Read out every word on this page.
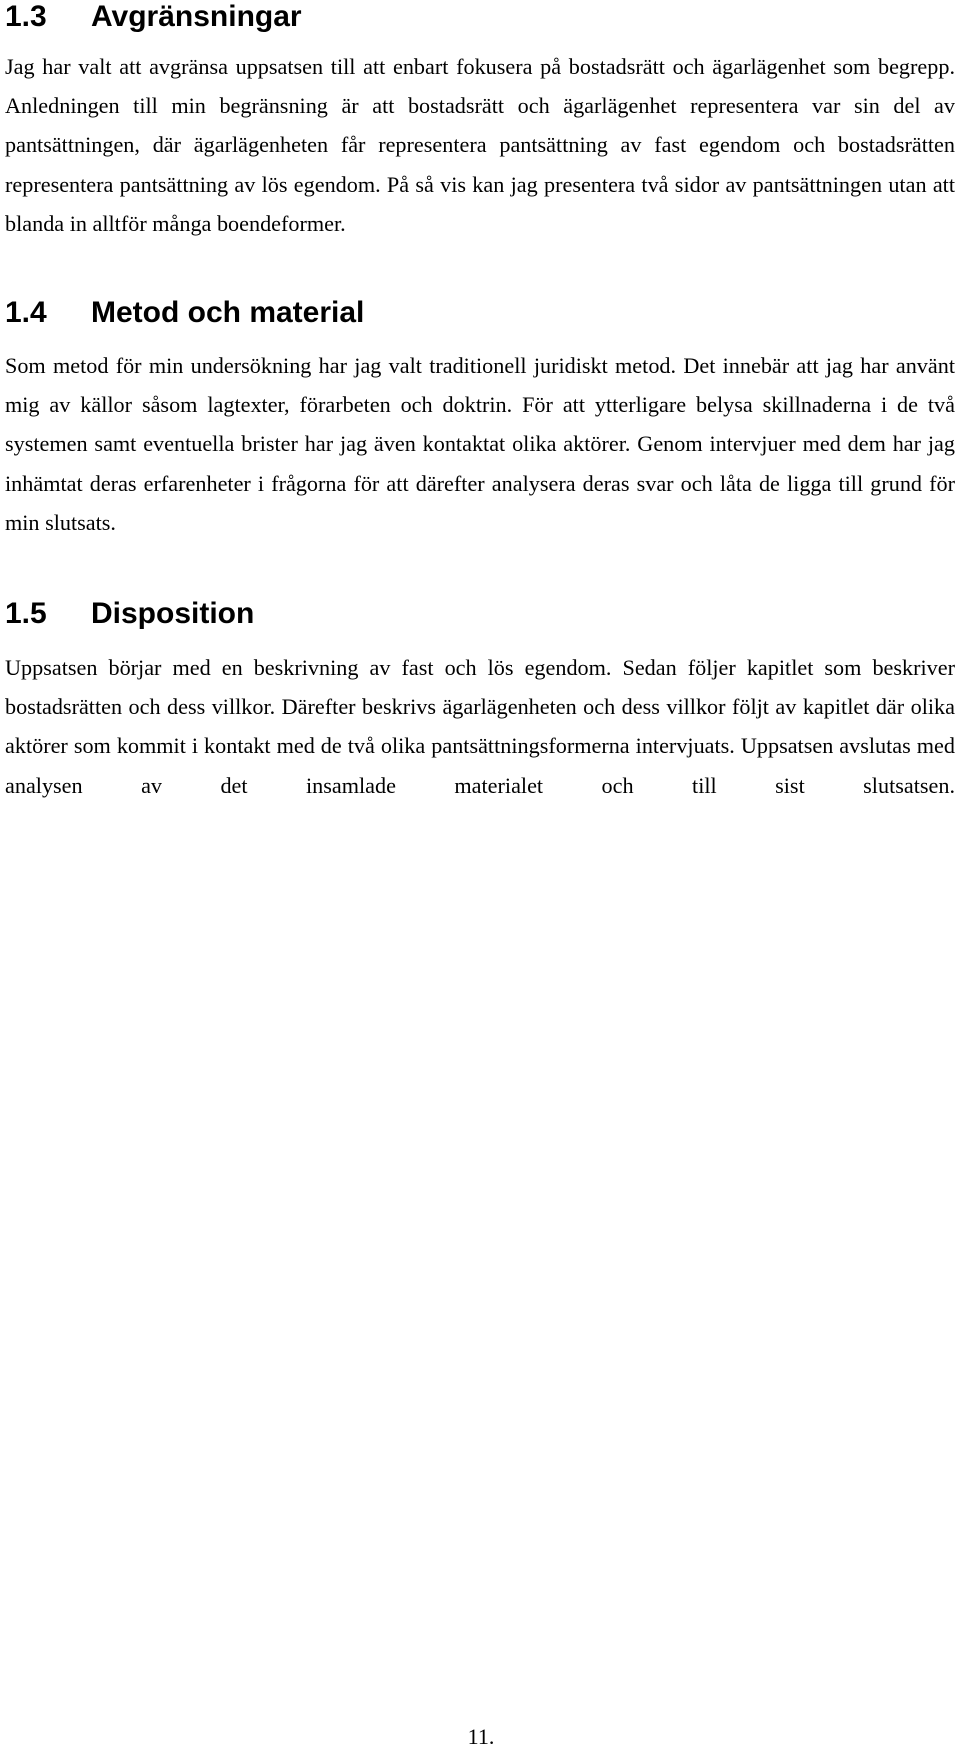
1.3 Avgränsningar

Jag har valt att avgränsa uppsatsen till att enbart fokusera på bostadsrätt och ägarlägenhet som begrepp. Anledningen till min begränsning är att bostadsrätt och ägarlägenhet representera var sin del av pantsättningen, där ägarlägenheten får representera pantsättning av fast egendom och bostadsrätten representera pantsättning av lös egendom. På så vis kan jag presentera två sidor av pantsättningen utan att blanda in alltför många boendeformer.

1.4 Metod och material

Som metod för min undersökning har jag valt traditionell juridiskt metod. Det innebär att jag har använt mig av källor såsom lagtexter, förarbeten och doktrin. För att ytterligare belysa skillnaderna i de två systemen samt eventuella brister har jag även kontaktat olika aktörer. Genom intervjuer med dem har jag inhämtat deras erfarenheter i frågorna för att därefter analysera deras svar och låta de ligga till grund för min slutsats.

1.5 Disposition

Uppsatsen börjar med en beskrivning av fast och lös egendom. Sedan följer kapitlet som beskriver bostadsrätten och dess villkor. Därefter beskrivs ägarlägenheten och dess villkor följt av kapitlet där olika aktörer som kommit i kontakt med de två olika pantsättningsformerna intervjuats. Uppsatsen avslutas med analysen av det insamlade materialet och till sist slutsatsen.

11.
